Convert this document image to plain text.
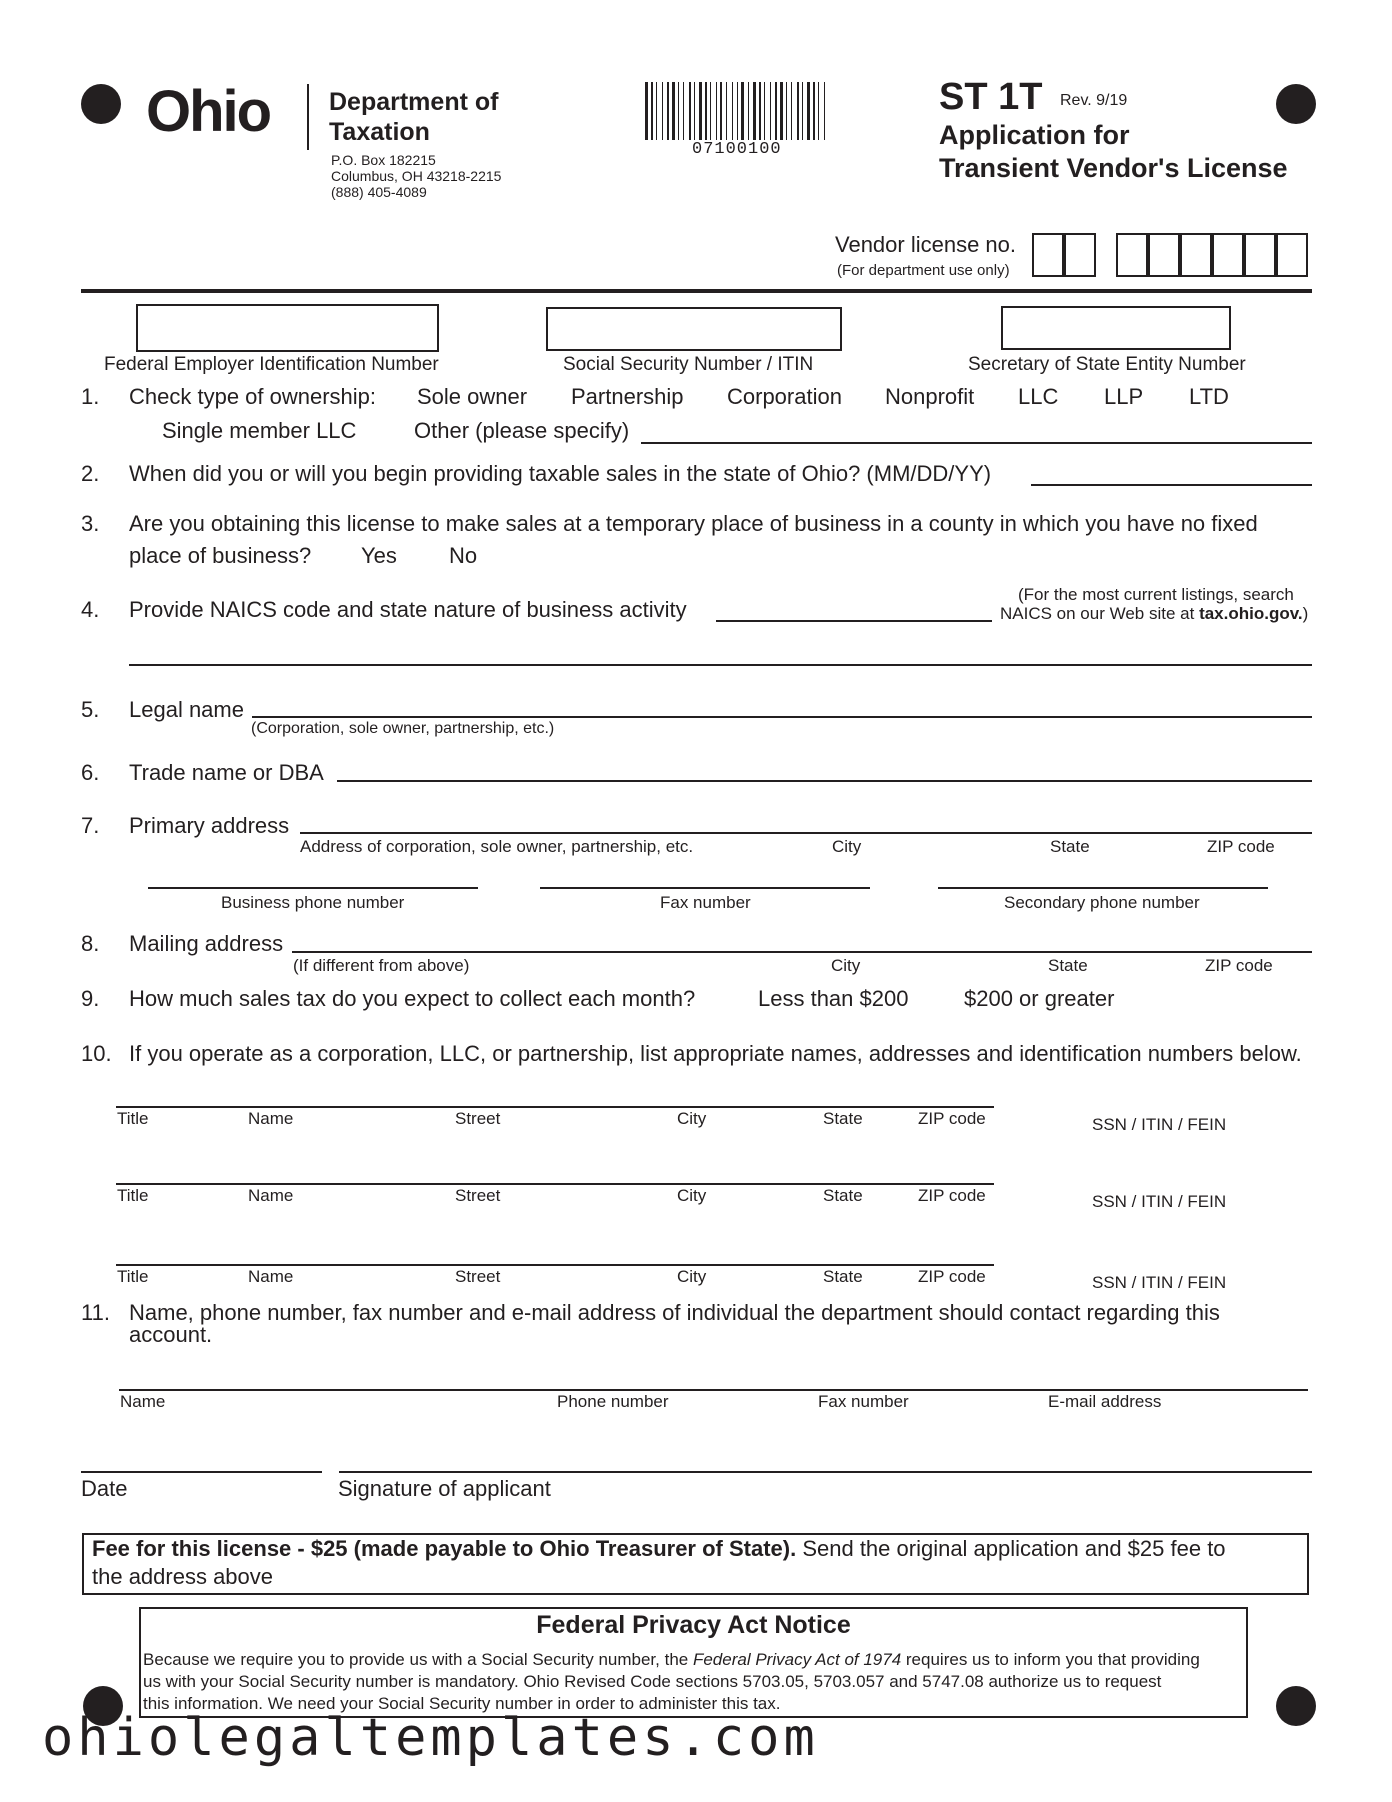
Ohio Department of
Taxation
P.O. Box 182215
Columbus, OH 43218-2215
(888) 405-4089
07100100
ST 1T Rev. 9/19
Application for
Transient Vendor's License
Vendor license no.
(For department use only)
Federal Employer Identification Number	Social Security Number / ITIN	Secretary of State Entity Number
1. Check type of ownership: Sole owner Partnership Corporation Nonprofit LLC LLP LTD
Single member LLC	Other (please specify)
2. When did you or will you begin providing taxable sales in the state of Ohio? (MM/DD/YY)
3. Are you obtaining this license to make sales at a temporary place of business in a county in which you have no fixed
place of business? Yes No
4. Provide NAICS code and state nature of business activity
(For the most current listings, search
NAICS on our Web site at tax.ohio.gov.)
5. Legal name
(Corporation, sole owner, partnership, etc.)
6. Trade name or DBA
7. Primary address
Address of corporation, sole owner, partnership, etc.	City	State	ZIP code
Business phone number	Fax number	Secondary phone number
8. Mailing address
(If different from above)	City	State	ZIP code
9. How much sales tax do you expect to collect each month?	Less than $200	$200 or greater
10. If you operate as a corporation, LLC, or partnership, list appropriate names, addresses and identification numbers below.
Title	Name	Street	City	State	ZIP code	SSN / ITIN / FEIN
Title	Name	Street	City	State	ZIP code	SSN / ITIN / FEIN
Title	Name	Street	City	State	ZIP code	SSN / ITIN / FEIN
11. Name, phone number, fax number and e-mail address of individual the department should contact regarding this
account.
Name	Phone number	Fax number	E-mail address
Date	Signature of applicant
Fee for this license - $25 (made payable to Ohio Treasurer of State). Send the original application and $25 fee to
the address above
Federal Privacy Act Notice
Because we require you to provide us with a Social Security number, the Federal Privacy Act of 1974 requires us to inform you that providing
us with your Social Security number is mandatory. Ohio Revised Code sections 5703.05, 5703.057 and 5747.08 authorize us to request
this information. We need your Social Security number in order to administer this tax.
ohiolegaltemplates.com
